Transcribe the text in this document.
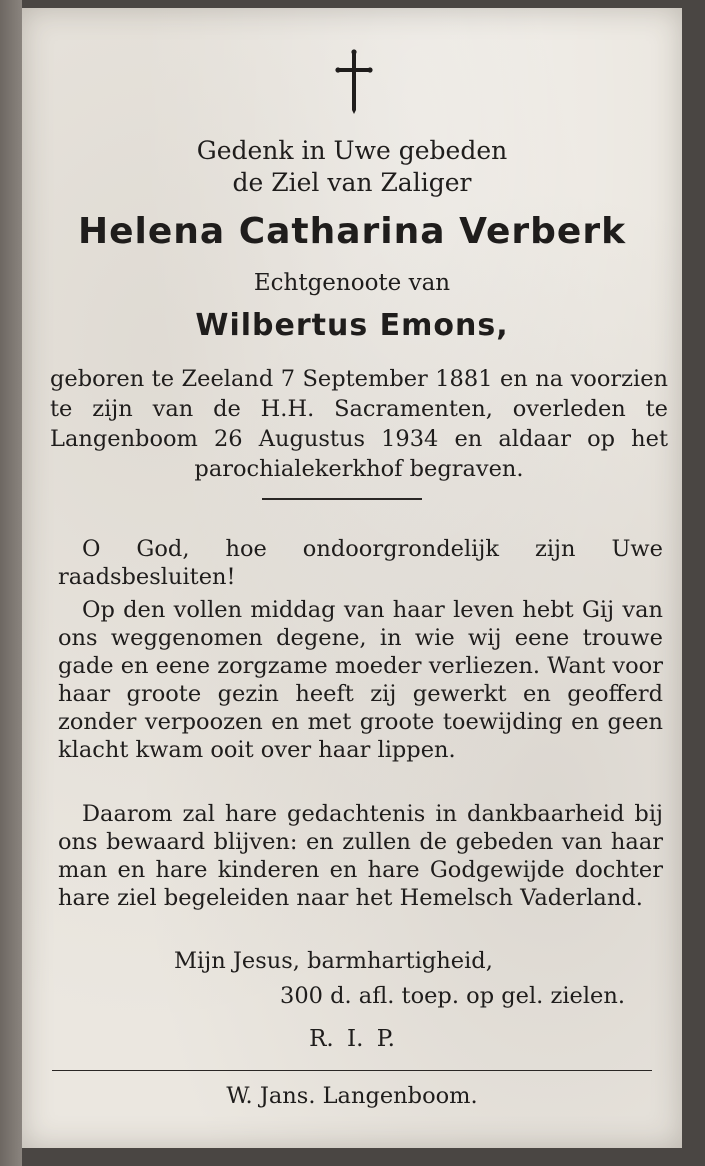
Gedenk in Uwe gebeden
de Ziel van Zaliger
Helena Catharina Verberk
Echtgenoote van
Wilbertus Emons,
geboren te Zeeland 7 September 1881 en na voorzien te zijn van de H.H. Sacramenten, overleden te Langenboom 26 Augustus 1934 en aldaar op het parochialekerkhof begraven.

O God, hoe ondoorgrondelijk zijn Uwe raadsbesluiten!

Op den vollen middag van haar leven hebt Gij van ons weggenomen degene, in wie wij eene trouwe gade en eene zorgzame moeder verliezen. Want voor haar groote gezin heeft zij gewerkt en geofferd zonder verpoozen en met groote toewijding en geen klacht kwam ooit over haar lippen.

Daarom zal hare gedachtenis in dankbaarheid bij ons bewaard blijven: en zullen de gebeden van haar man en hare kinderen en hare Godgewijde dochter hare ziel begeleiden naar het Hemelsch Vaderland.

Mijn Jesus, barmhartigheid,
300 d. afl. toep. op gel. zielen.
R. I. P.
W. Jans. Langenboom.
